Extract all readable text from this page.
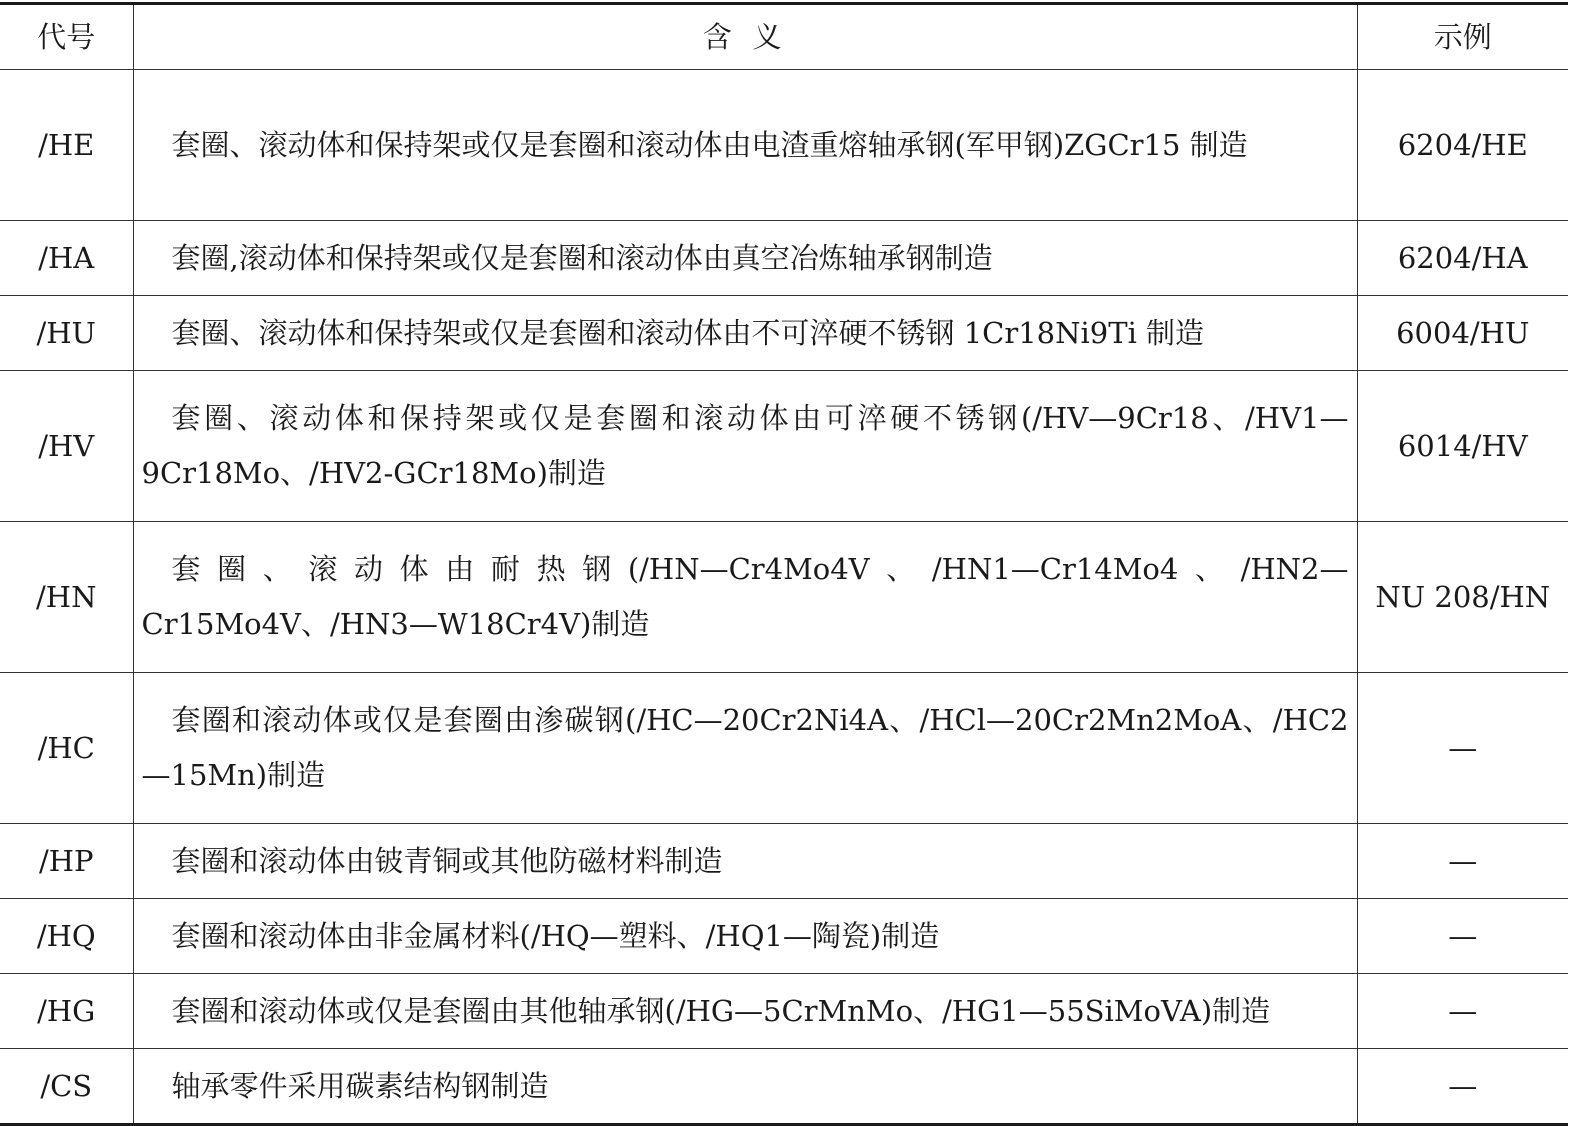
代号	含 义	示例
/HE	套圈、滚动体和保持架或仅是套圈和滚动体由电渣重熔轴承钢(军甲钢)ZGCr15 制造	6204/HE
/HA	套圈,滚动体和保持架或仅是套圈和滚动体由真空冶炼轴承钢制造	6204/HA
/HU	套圈、滚动体和保持架或仅是套圈和滚动体由不可淬硬不锈钢 1Cr18Ni9Ti 制造	6004/HU
/HV	套圈、滚动体和保持架或仅是套圈和滚动体由可淬硬不锈钢(/HV—9Cr18、/HV1—9Cr18Mo、/HV2-GCr18Mo)制造	6014/HV
/HN	套圈、滚动体由耐热钢(/HN—Cr4Mo4V、/HN1—Cr14Mo4、/HN2—Cr15Mo4V、/HN3—W18Cr4V)制造	NU 208/HN
/HC	套圈和滚动体或仅是套圈由渗碳钢(/HC—20Cr2Ni4A、/HCl—20Cr2Mn2MoA、/HC2—15Mn)制造	—
/HP	套圈和滚动体由铍青铜或其他防磁材料制造	—
/HQ	套圈和滚动体由非金属材料(/HQ—塑料、/HQ1—陶瓷)制造	—
/HG	套圈和滚动体或仅是套圈由其他轴承钢(/HG—5CrMnMo、/HG1—55SiMoVA)制造	—
/CS	轴承零件采用碳素结构钢制造	—
